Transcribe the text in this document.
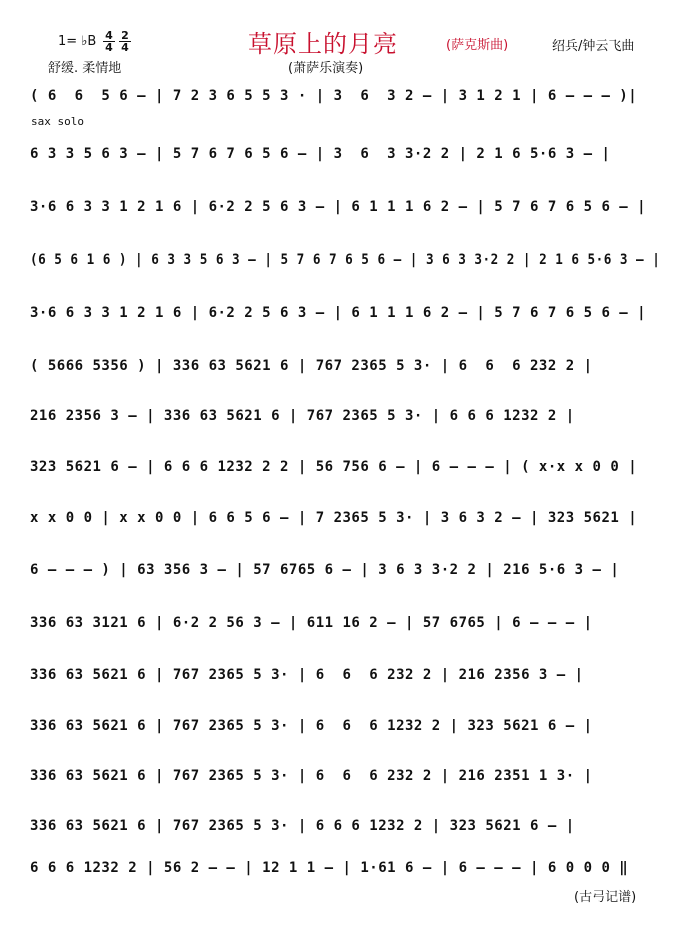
1= ♭B $\frac{4}{4} \frac{2}{4}$
舒缓. 柔情地
草原上的月亮	(萨克斯曲)	绍兵/钟云飞曲
(萧萨乐演奏)
sax solo
( 6  6  5 6 – | 7 2 3 6 5 5 3 · | 3  6  3 2 – | 3 1 2 1 | 6 – – – )|
6 3 3 5 6 3 – | 5 7 6 7 6 5 6 – | 3  6  3 3·2 2 | 2 1 6 5·6 3 – |
3·6 6 3 3 1 2 1 6 | 6·2 2 5 6 3 – | 6 1 1 1 6 2 – | 5 7 6 7 6 5 6 – |
(6 5 6 1 6 ) | 6 3 3 5 6 3 – | 5 7 6 7 6 5 6 – | 3 6 3 3·2 2 | 2 1 6 5·6 3 – |
3·6 6 3 3 1 2 1 6 | 6·2 2 5 6 3 – | 6 1 1 1 6 2 – | 5 7 6 7 6 5 6 – |
( 5666 5356 ) | 336 63 5621 6 | 767 2365 5 3· | 6  6  6 232 2 |
216 2356 3 – | 336 63 5621 6 | 767 2365 5 3· | 6 6 6 1232 2 |
323 5621 6 – | 6 6 6 1232 2 2 | 56 756 6 – | 6 – – – | ( x·x x 0 0 |
x x 0 0 | x x 0 0 | 6 6 5 6 – | 7 2365 5 3· | 3 6 3 2 – | 323 5621 |
6 – – – ) | 63 356 3 – | 57 6765 6 – | 3 6 3 3·2 2 | 216 5·6 3 – |
336 63 3121 6 | 6·2 2 56 3 – | 611 16 2 – | 57 6765 | 6 – – – |
336 63 5621 6 | 767 2365 5 3· | 6  6  6 232 2 | 216 2356 3 – |
336 63 5621 6 | 767 2365 5 3· | 6  6  6 1232 2 | 323 5621 6 – |
336 63 5621 6 | 767 2365 5 3· | 6  6  6 232 2 | 216 2351 1 3· |
336 63 5621 6 | 767 2365 5 3· | 6 6 6 1232 2 | 323 5621 6 – |
6 6 6 1232 2 | 56 2 – – | 12 1 1 – | 1·61 6 – | 6 – – – | 6 0 0 0 ‖
(古弓记谱)
